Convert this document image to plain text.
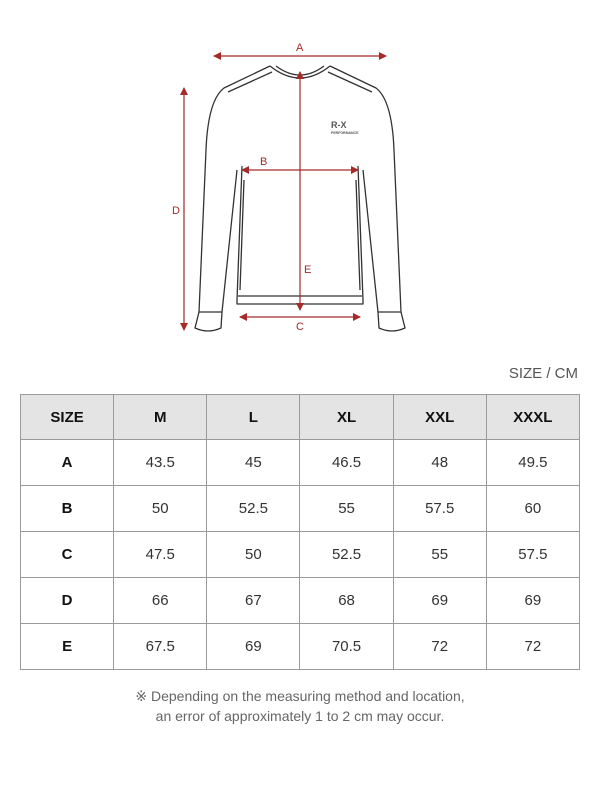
R-X
PERFORMANCE
A
B
C
D
E
SIZE / CM
SIZE	M	L	XL	XXL	XXXL
A	43.5	45	46.5	48	49.5
B	50	52.5	55	57.5	60
C	47.5	50	52.5	55	57.5
D	66	67	68	69	69
E	67.5	69	70.5	72	72
※ Depending on the measuring method and location,
an error of approximately 1 to 2 cm may occur.
